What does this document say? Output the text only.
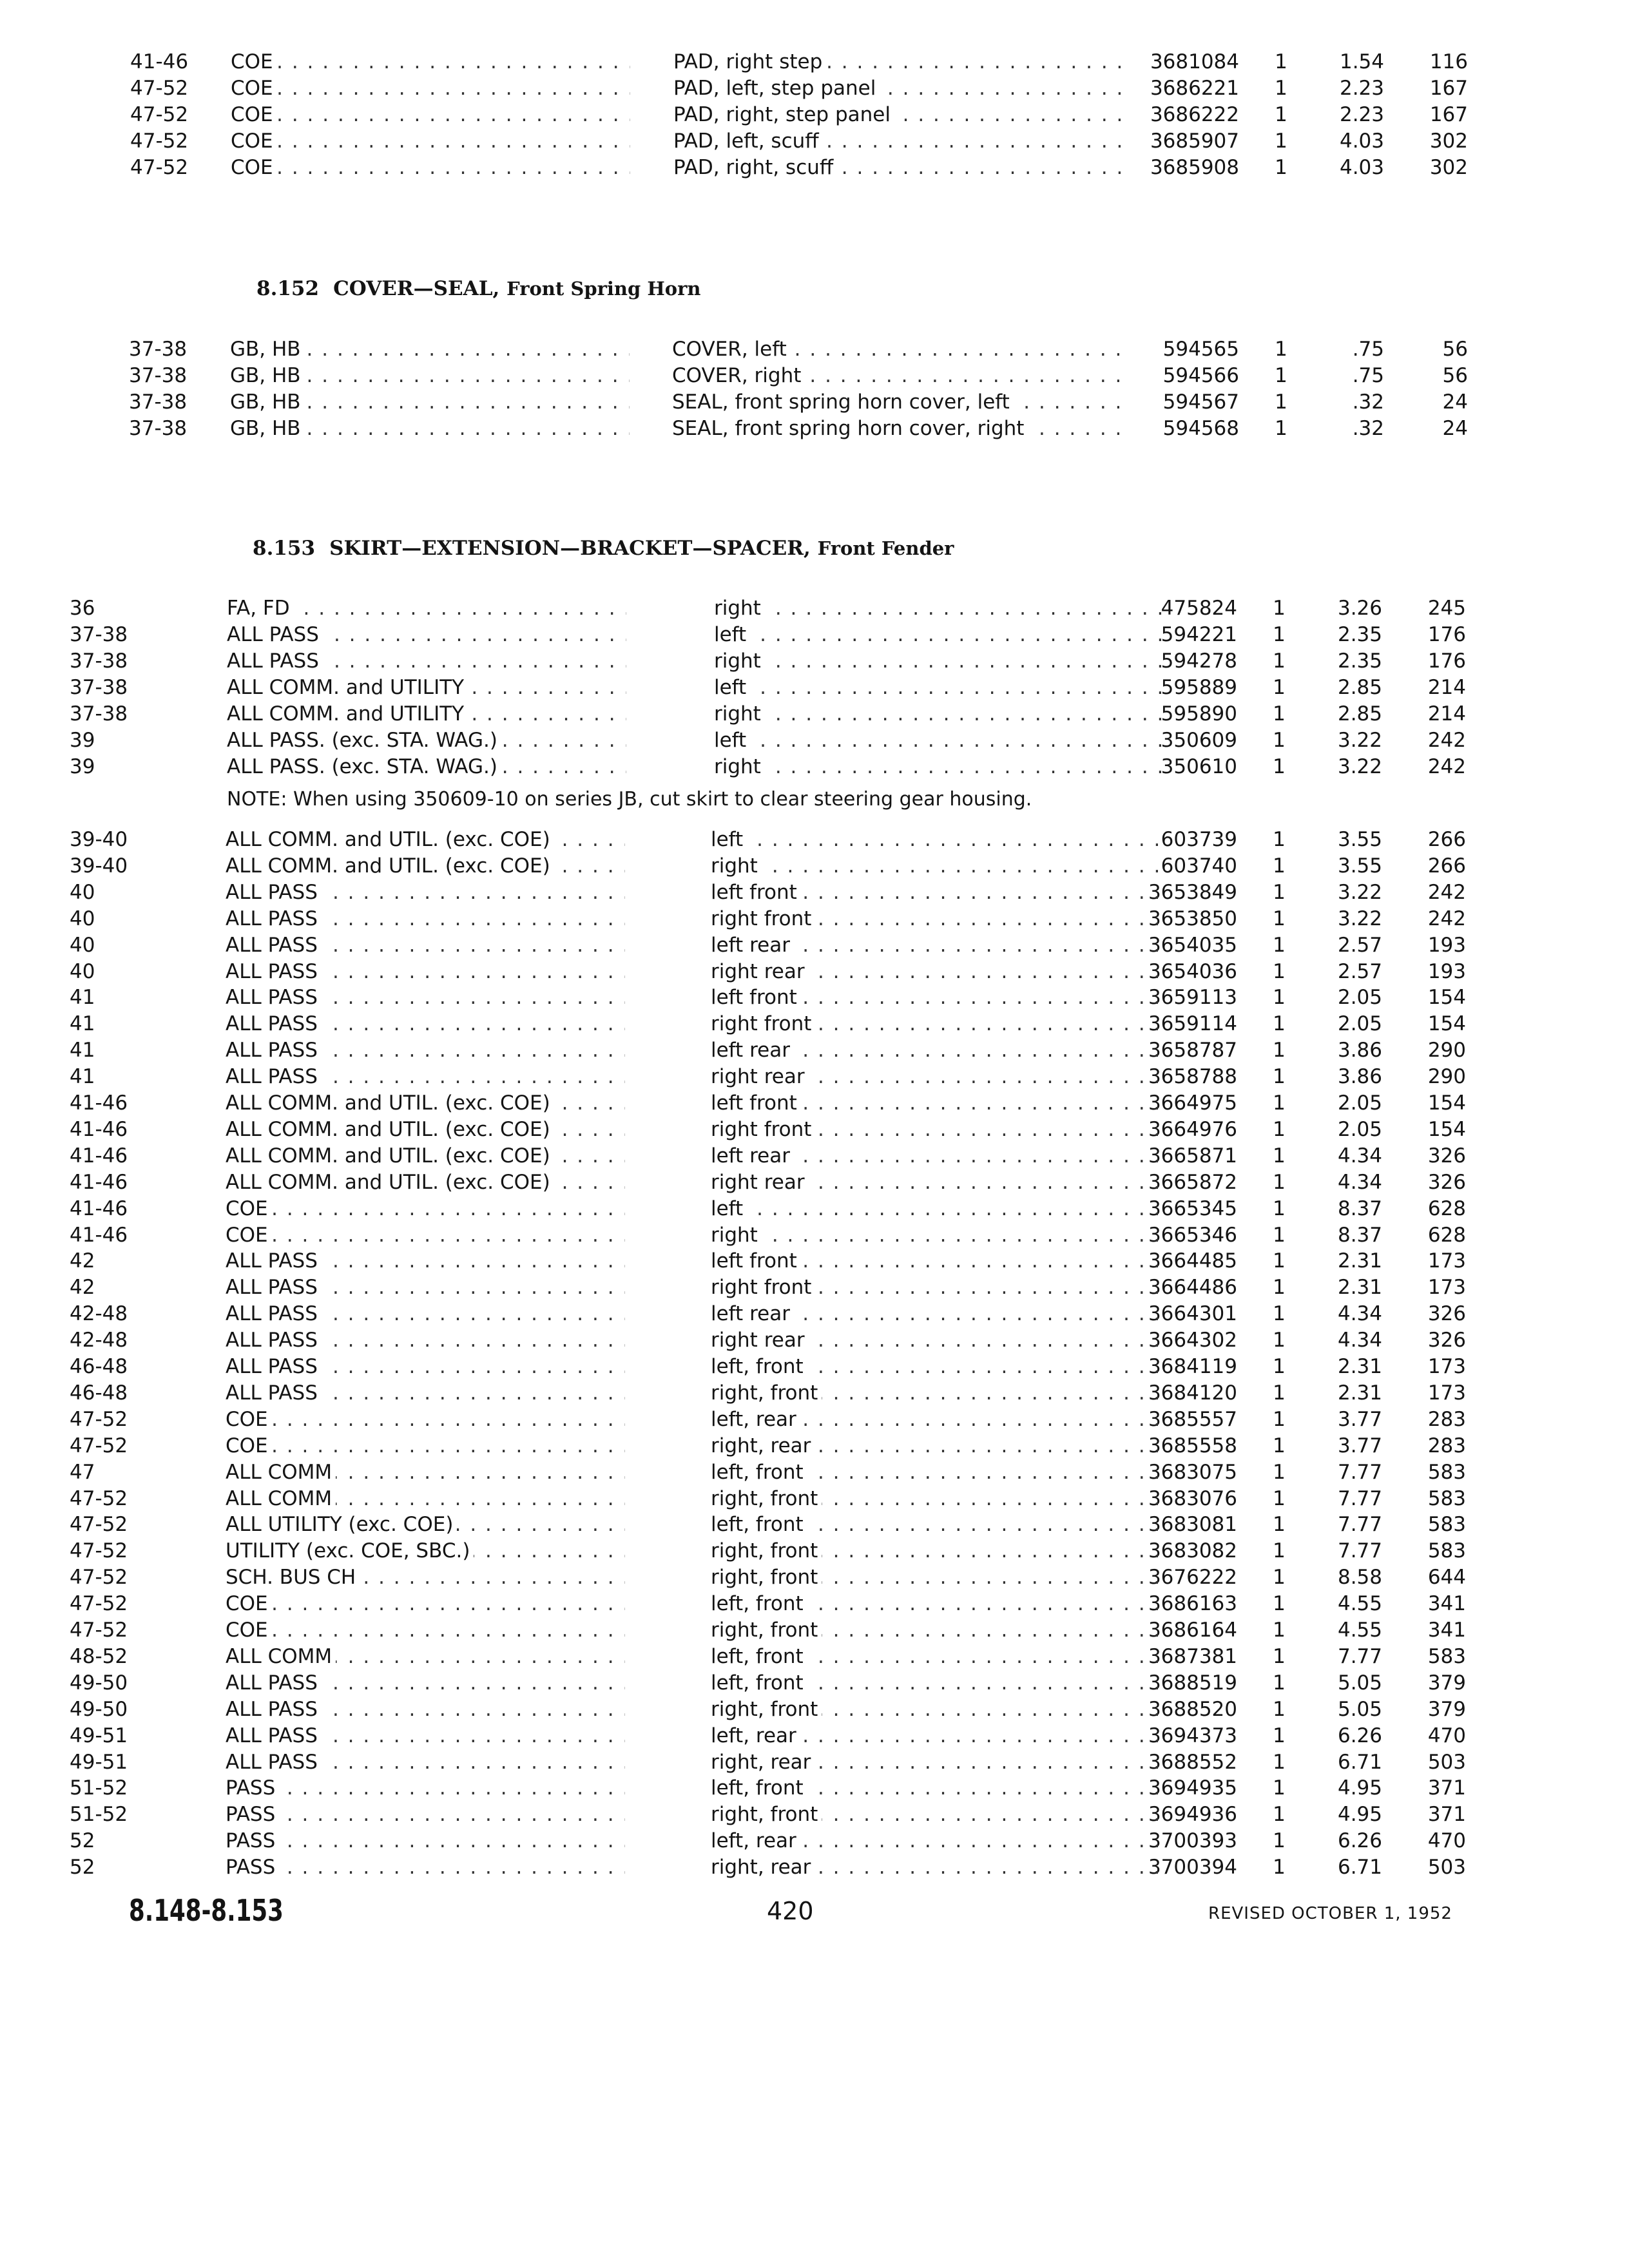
41-46	COE . . .	PAD, right step . . .	3681084 1	1.54	116
47-52	COE . . .	PAD, left, step panel . . .	3686221 1	2.23	167
47-52	COE . . .	PAD, right, step panel . . .	3686222 1	2.23	167
47-52	COE . . .	PAD, left, scuff . . .	3685907 1	4.03	302
47-52	COE . . .	PAD, right, scuff . . .	3685908 1	4.03	302
8.152 COVER—SEAL, Front Spring Horn
37-38	GB, HB . . .	COVER, left . . .	594565 1	.75	56
37-38	GB, HB . . .	COVER, right . . .	594566 1	.75	56
37-38	GB, HB . . .	SEAL, front spring horn cover, left . . .	594567 1	.32	24
37-38	GB, HB . . .	SEAL, front spring horn cover, right . . .	594568 1	.32	24
8.153 SKIRT—EXTENSION—BRACKET—SPACER, Front Fender
36	FA, FD . . .	right . . .	475824 1	3.26	245
37-38	ALL PASS . . .	left . . .	594221 1	2.35	176
37-38	ALL PASS . . .	right . . .	594278 1	2.35	176
37-38	ALL COMM. and UTILITY . . .	left . . .	595889 1	2.85	214
37-38	ALL COMM. and UTILITY . . .	right . . .	595890 1	2.85	214
39	ALL PASS. (exc. STA. WAG.) . . .	left . . .	350609 1	3.22	242
39	ALL PASS. (exc. STA. WAG.) . . .	right . . .	350610 1	3.22	242
NOTE: When using 350609-10 on series JB, cut skirt to clear steering gear housing.
39-40	ALL COMM. and UTIL. (exc. COE) . . .	left . . .	603739 1	3.55	266
39-40	ALL COMM. and UTIL. (exc. COE) . . .	right . . .	603740 1	3.55	266
40	ALL PASS . . .	left front . . .	3653849 1	3.22	242
40	ALL PASS . . .	right front . . .	3653850 1	3.22	242
40	ALL PASS . . .	left rear . . .	3654035 1	2.57	193
40	ALL PASS . . .	right rear . . .	3654036 1	2.57	193
41	ALL PASS . . .	left front . . .	3659113 1	2.05	154
41	ALL PASS . . .	right front . . .	3659114 1	2.05	154
41	ALL PASS . . .	left rear . . .	3658787 1	3.86	290
41	ALL PASS . . .	right rear . . .	3658788 1	3.86	290
41-46	ALL COMM. and UTIL. (exc. COE) . . .	left front . . .	3664975 1	2.05	154
41-46	ALL COMM. and UTIL. (exc. COE) . . .	right front . . .	3664976 1	2.05	154
41-46	ALL COMM. and UTIL. (exc. COE) . . .	left rear . . .	3665871 1	4.34	326
41-46	ALL COMM. and UTIL. (exc. COE) . . .	right rear . . .	3665872 1	4.34	326
41-46	COE . . .	left . . .	3665345 1	8.37	628
41-46	COE . . .	right . . .	3665346 1	8.37	628
42	ALL PASS . . .	left front . . .	3664485 1	2.31	173
42	ALL PASS . . .	right front . . .	3664486 1	2.31	173
42-48	ALL PASS . . .	left rear . . .	3664301 1	4.34	326
42-48	ALL PASS . . .	right rear . . .	3664302 1	4.34	326
46-48	ALL PASS . . .	left, front . . .	3684119 1	2.31	173
46-48	ALL PASS . . .	right, front . . .	3684120 1	2.31	173
47-52	COE . . .	left, rear . . .	3685557 1	3.77	283
47-52	COE . . .	right, rear . . .	3685558 1	3.77	283
47	ALL COMM . . .	left, front . . .	3683075 1	7.77	583
47-52	ALL COMM . . .	right, front . . .	3683076 1	7.77	583
47-52	ALL UTILITY (exc. COE) . . .	left, front . . .	3683081 1	7.77	583
47-52	UTILITY (exc. COE, SBC.) . . .	right, front . . .	3683082 1	7.77	583
47-52	SCH. BUS CH . . .	right, front . . .	3676222 1	8.58	644
47-52	COE . . .	left, front . . .	3686163 1	4.55	341
47-52	COE . . .	right, front . . .	3686164 1	4.55	341
48-52	ALL COMM . . .	left, front . . .	3687381 1	7.77	583
49-50	ALL PASS . . .	left, front . . .	3688519 1	5.05	379
49-50	ALL PASS . . .	right, front . . .	3688520 1	5.05	379
49-51	ALL PASS . . .	left, rear . . .	3694373 1	6.26	470
49-51	ALL PASS . . .	right, rear . . .	3688552 1	6.71	503
51-52	PASS . . .	left, front . . .	3694935 1	4.95	371
51-52	PASS . . .	right, front . . .	3694936 1	4.95	371
52	PASS . . .	left, rear . . .	3700393 1	6.26	470
52	PASS . . .	right, rear . . .	3700394 1	6.71	503
8.148-8.153	420	REVISED OCTOBER 1, 1952
